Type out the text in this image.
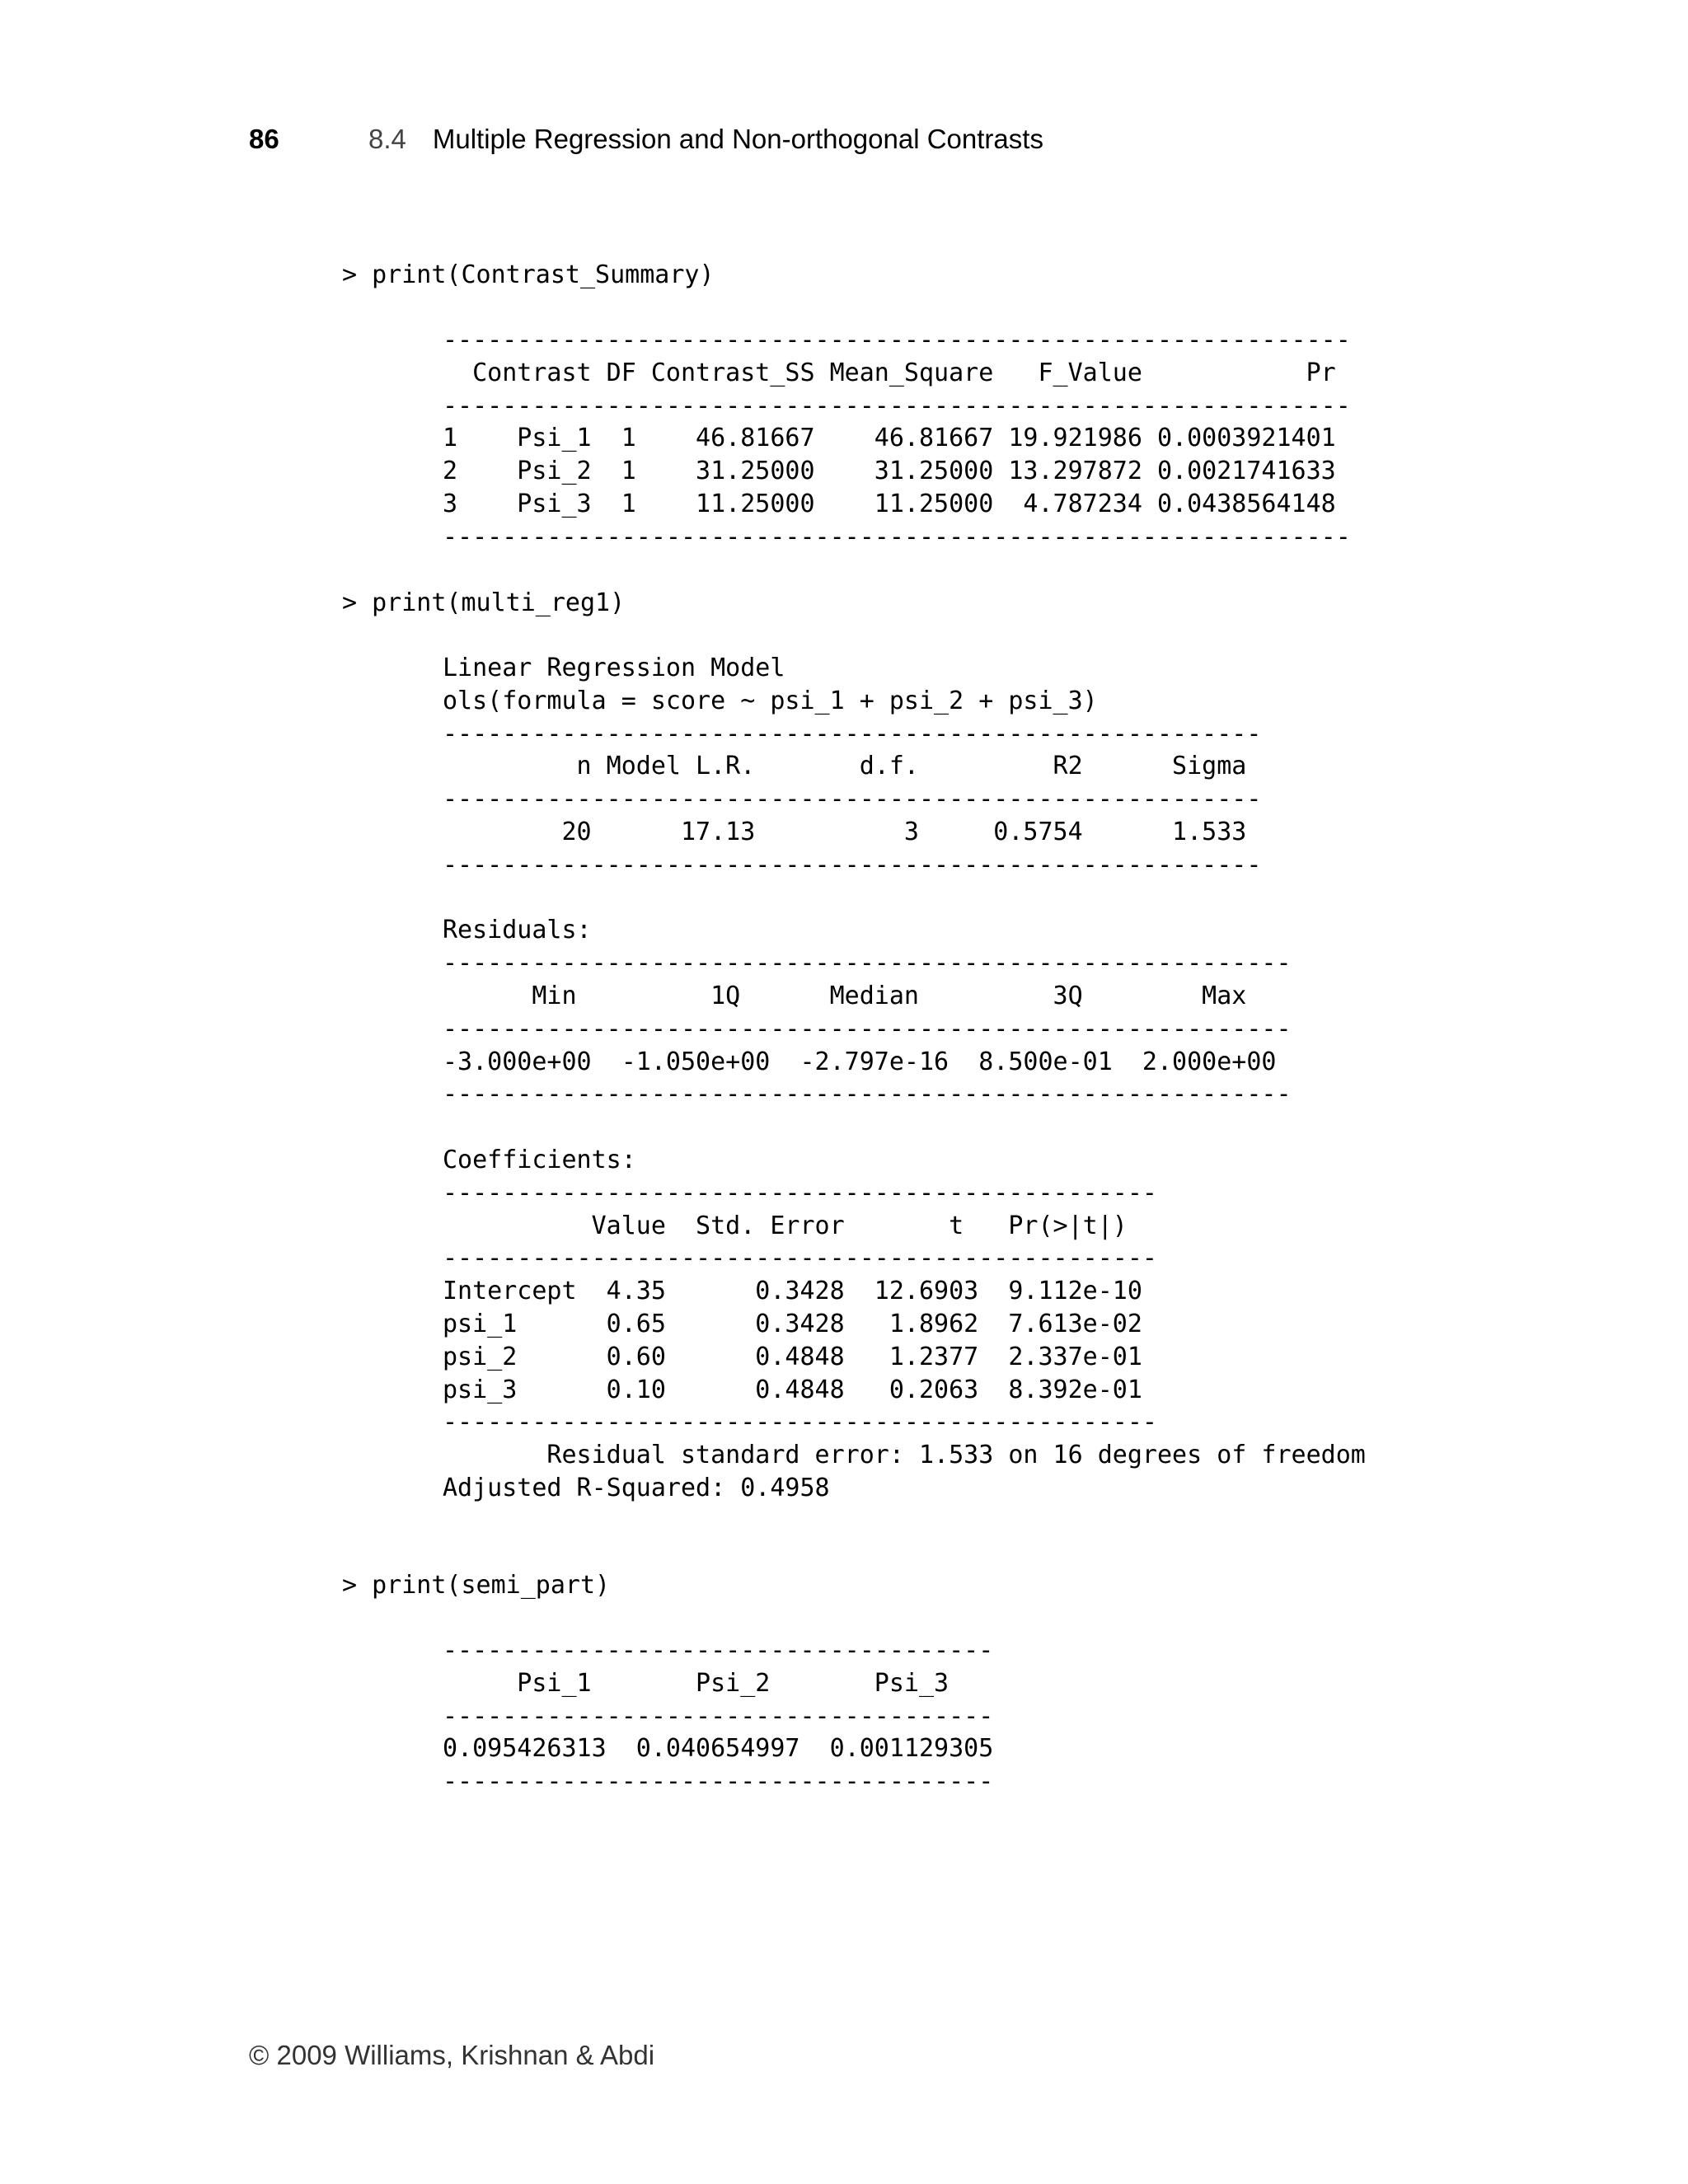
86	8.4 Multiple Regression and Non-orthogonal Contrasts
> print(Contrast_Summary)
-------------------------------------------------------------
Contrast DF Contrast_SS Mean_Square   F_Value           Pr
-------------------------------------------------------------
1    Psi_1  1    46.81667    46.81667 19.921986 0.0003921401
2    Psi_2  1    31.25000    31.25000 13.297872 0.0021741633
3    Psi_3  1    11.25000    11.25000  4.787234 0.0438564148
-------------------------------------------------------------
> print(multi_reg1)
Linear Regression Model
ols(formula = score ~ psi_1 + psi_2 + psi_3)
-------------------------------------------------------
n Model L.R.       d.f.         R2      Sigma
-------------------------------------------------------
20      17.13          3     0.5754      1.533
-------------------------------------------------------

Residuals:
---------------------------------------------------------
Min         1Q      Median         3Q        Max
---------------------------------------------------------
-3.000e+00  -1.050e+00  -2.797e-16  8.500e-01  2.000e+00
---------------------------------------------------------

Coefficients:
------------------------------------------------
Value  Std. Error       t   Pr(>|t|)
------------------------------------------------
Intercept  4.35      0.3428  12.6903  9.112e-10
psi_1      0.65      0.3428   1.8962  7.613e-02
psi_2      0.60      0.4848   1.2377  2.337e-01
psi_3      0.10      0.4848   0.2063  8.392e-01
------------------------------------------------
Residual standard error: 1.533 on 16 degrees of freedom
Adjusted R-Squared: 0.4958
> print(semi_part)
-------------------------------------
Psi_1       Psi_2       Psi_3
-------------------------------------
0.095426313  0.040654997  0.001129305
-------------------------------------
© 2009 Williams, Krishnan & Abdi
